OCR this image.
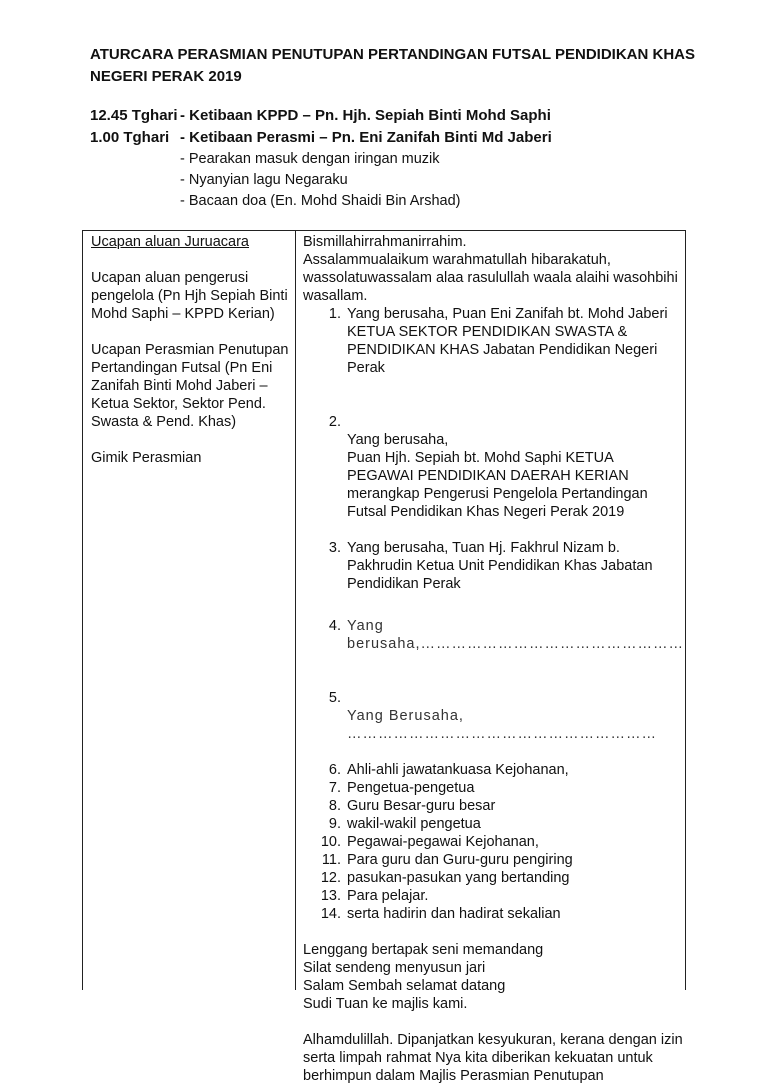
ATURCARA PERASMIAN PENUTUPAN PERTANDINGAN FUTSAL PENDIDIKAN KHAS NEGERI PERAK 2019
12.45 Tghari - Ketibaan KPPD – Pn. Hjh. Sepiah Binti Mohd Saphi
1.00 Tghari - Ketibaan Perasmi – Pn. Eni Zanifah Binti Md Jaberi
- Pearakan masuk dengan iringan muzik
- Nyanyian lagu Negaraku
- Bacaan doa (En. Mohd Shaidi Bin Arshad)

Ucapan aluan Juruacara

Ucapan aluan pengerusi pengelola (Pn Hjh Sepiah Binti Mohd Saphi – KPPD Kerian)

Ucapan Perasmian Penutupan Pertandingan Futsal (Pn Eni Zanifah Binti Mohd Jaberi – Ketua Sektor, Sektor Pend. Swasta & Pend. Khas)

Gimik Perasmian

Bismillahirrahmanirrahim.

Assalammualaikum warahmatullah hibarakatuh, wassolatuwassalam alaa rasulullah waala alaihi wasohbihi wasallam.

1. Yang berusaha, Puan Eni Zanifah bt. Mohd Jaberi KETUA SEKTOR PENDIDIKAN SWASTA & PENDIDIKAN KHAS Jabatan Pendidikan Negeri Perak

2.

Yang berusaha,
Puan Hjh. Sepiah bt. Mohd Saphi KETUA PEGAWAI PENDIDIKAN DAERAH KERIAN merangkap Pengerusi Pengelola Pertandingan Futsal Pendidikan Khas Negeri Perak 2019

3. Yang berusaha, Tuan Hj. Fakhrul Nizam b. Pakhrudin Ketua Unit Pendidikan Khas Jabatan Pendidikan Perak
4. Yang berusaha,……………………………………………

5.

Yang Berusaha,
……………………………………………………

6. Ahli-ahli jawatankuasa Kejohanan,
7. Pengetua-pengetua
8. Guru Besar-guru besar
9. wakil-wakil pengetua
10. Pegawai-pegawai Kejohanan,
11. Para guru dan Guru-guru pengiring
12. pasukan-pasukan yang bertanding
13. Para pelajar.
14. serta hadirin dan hadirat sekalian

Lenggang bertapak seni memandang

Silat sendeng menyusun jari

Salam Sembah selamat datang

Sudi Tuan ke majlis kami.

Alhamdulillah. Dipanjatkan kesyukuran, kerana dengan izin serta limpah rahmat Nya kita diberikan kekuatan untuk berhimpun dalam Majlis Perasmian Penutupan
